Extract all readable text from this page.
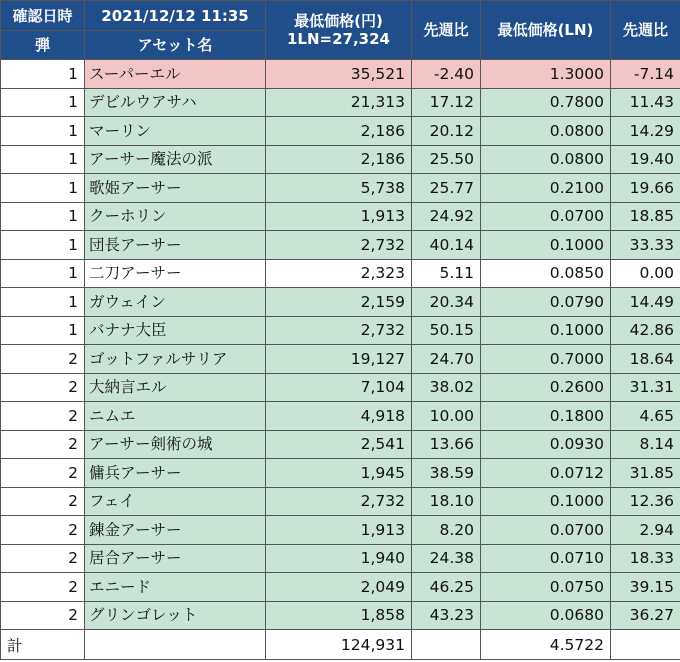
確認日時	2021/12/12 11:35	最低価格(円)
1LN=27,324	先週比	最低価格(LN)	先週比
弾	アセット名				
1	スーパーエル	35,521	-2.40	1.3000	-7.14
1	デビルウアサハ	21,313	17.12	0.7800	11.43
1	マーリン	2,186	20.12	0.0800	14.29
1	アーサー魔法の派	2,186	25.50	0.0800	19.40
1	歌姫アーサー	5,738	25.77	0.2100	19.66
1	クーホリン	1,913	24.92	0.0700	18.85
1	団長アーサー	2,732	40.14	0.1000	33.33
1	二刀アーサー	2,323	5.11	0.0850	0.00
1	ガウェイン	2,159	20.34	0.0790	14.49
1	バナナ大臣	2,732	50.15	0.1000	42.86
2	ゴットファルサリア	19,127	24.70	0.7000	18.64
2	大納言エル	7,104	38.02	0.2600	31.31
2	ニムエ	4,918	10.00	0.1800	4.65
2	アーサー剣術の城	2,541	13.66	0.0930	8.14
2	傭兵アーサー	1,945	38.59	0.0712	31.85
2	フェイ	2,732	18.10	0.1000	12.36
2	錬金アーサー	1,913	8.20	0.0700	2.94
2	居合アーサー	1,940	24.38	0.0710	18.33
2	エニード	2,049	46.25	0.0750	39.15
2	グリンゴレット	1,858	43.23	0.0680	36.27
計		124,931		4.5722	
